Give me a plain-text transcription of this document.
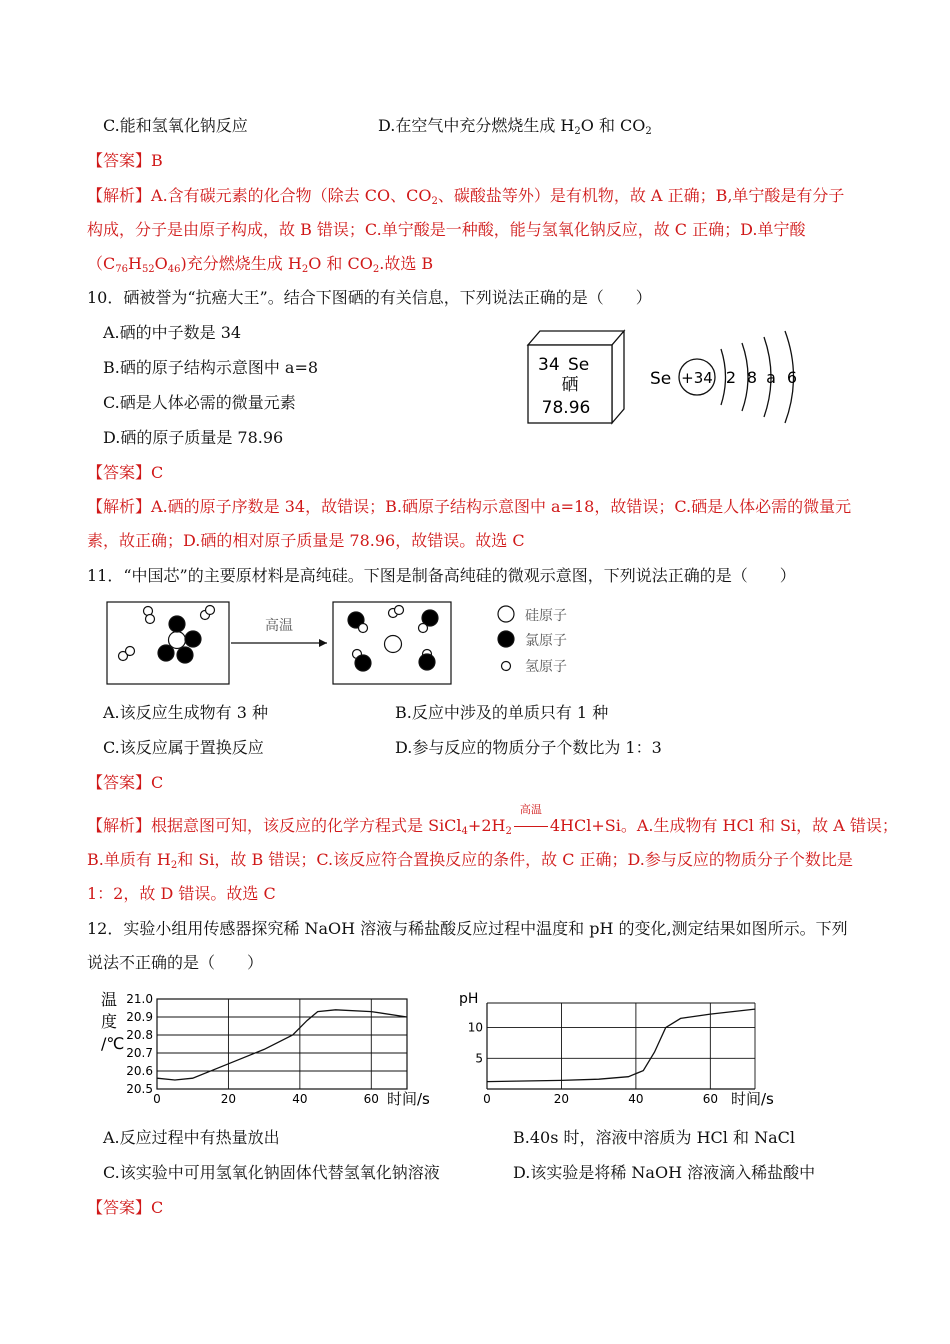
C.能和氢氧化钠反应	D.在空气中充分燃烧生成 $H_2O$ 和 $CO_2$
【答案】B
【解析】A.含有碳元素的化合物（除去 CO、$CO_2$、碳酸盐等外）是有机物，故 A 正确；B,单宁酸是有分子
构成，分子是由原子构成，故 B 错误；C.单宁酸是一种酸，能与氢氧化钠反应，故 C 正确；D.单宁酸
$(C_{76}H_{52}O_{46})$充分燃烧生成 $H_2O$ 和 $CO_2$.故选 B
10．硒被誉为“抗癌大王”。结合下图硒的有关信息，下列说法正确的是（　　）
A.硒的中子数是 34
B.硒的原子结构示意图中 a=8
C.硒是人体必需的微量元素
D.硒的原子质量是 78.96
34 Se
硒
78.96
Se +34 2 8 a 6
【答案】C
【解析】A.硒的原子序数是 34，故错误；B.硒原子结构示意图中 a=18，故错误；C.硒是人体必需的微量元
素，故正确；D.硒的相对原子质量是 78.96，故错误。故选 C
11．“中国芯”的主要原材料是高纯硅。下图是制备高纯硅的微观示意图，下列说法正确的是（　　）
高温
硅原子
氯原子
氢原子
A.该反应生成物有 3 种	B.反应中涉及的单质只有 1 种
C.该反应属于置换反应	D.参与反应的物质分子个数比为 1：3
【答案】C
【解析】根据意图可知，该反应的化学方程式是 $SiCl_4+2H_2$
高温
4HCl+Si。A.生成物有 HCl 和 Si，故 A 错误；
B.单质有 $H_2$和 Si，故 B 错误；C.该反应符合置换反应的条件，故 C 正确；D.参与反应的物质分子个数比是
1：2，故 D 错误。故选 C
12．实验小组用传感器探究稀 NaOH 溶液与稀盐酸反应过程中温度和 pH 的变化,测定结果如图所示。下列
说法不正确的是（　　）
温
度
/℃
21.0
20.9
20.8
20.7
20.6
20.5
0	20	40	60 时间/s
pH
10
5
0	20	40	60 时间/s
A.反应过程中有热量放出	B.40s 时，溶液中溶质为 HCl 和 NaCl
C.该实验中可用氢氧化钠固体代替氢氧化钠溶液	D.该实验是将稀 NaOH 溶液滴入稀盐酸中
【答案】C
